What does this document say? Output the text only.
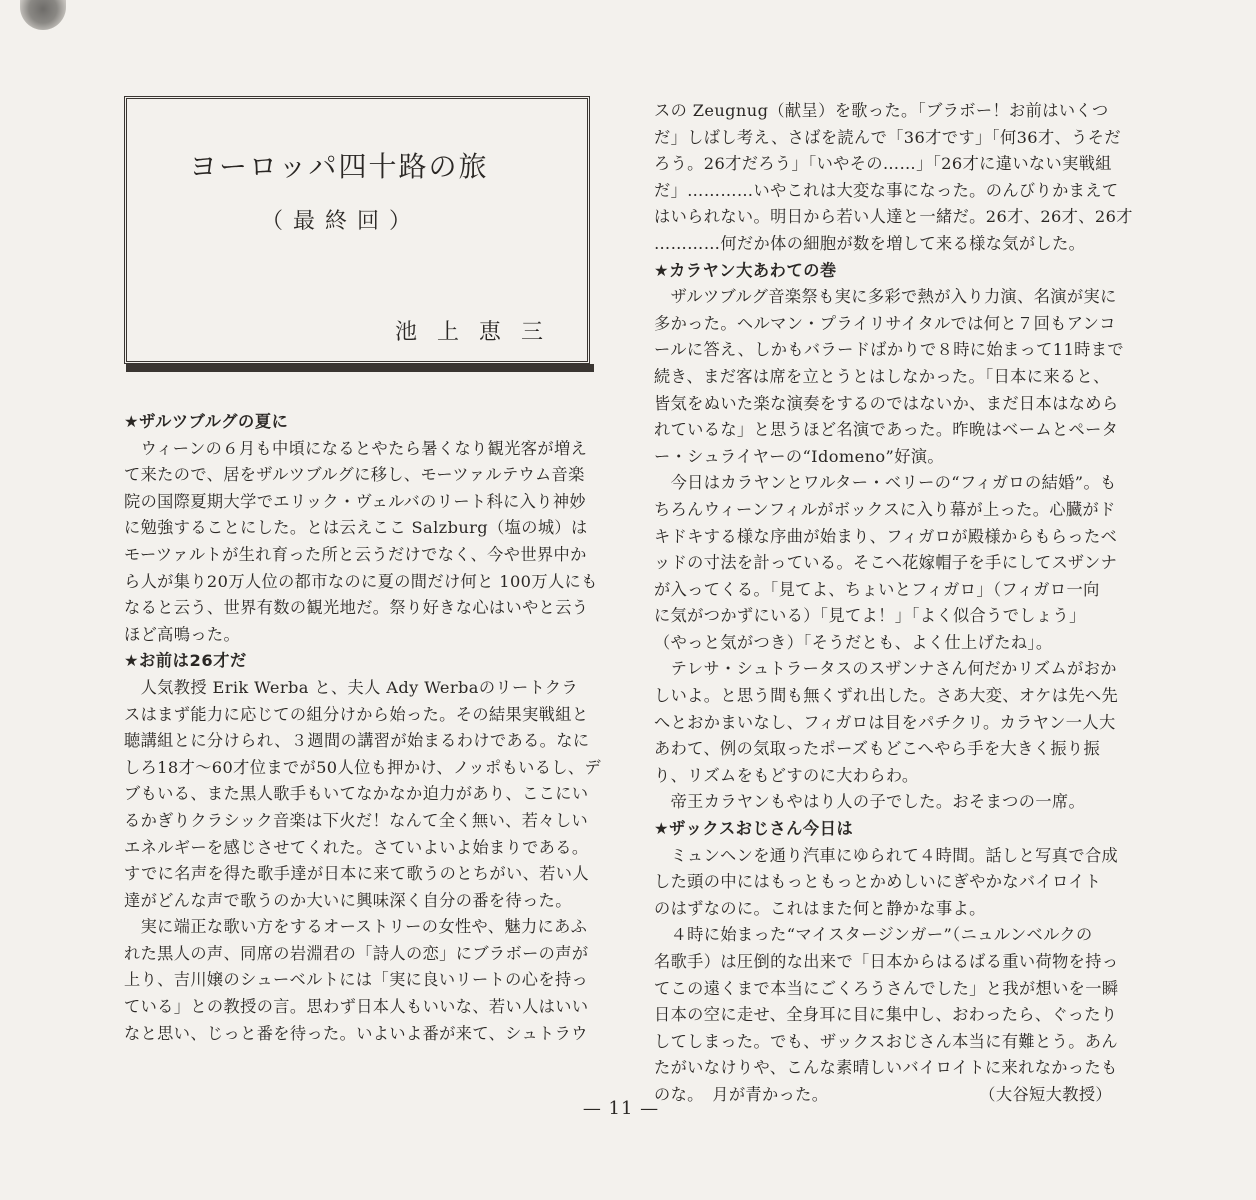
ヨーロッパ四十路の旅
（最終回）
池上恵三
★ザルツブルグの夏に
　ウィーンの６月も中頃になるとやたら暑くなり観光客が増え
て来たので、居をザルツブルグに移し、モーツァルテウム音楽
院の国際夏期大学でエリック・ヴェルバのリート科に入り神妙
に勉強することにした。とは云えここ Salzburg（塩の城）は
モーツァルトが生れ育った所と云うだけでなく、今や世界中か
ら人が集り20万人位の都市なのに夏の間だけ何と 100万人にも
なると云う、世界有数の観光地だ。祭り好きな心はいやと云う
ほど高鳴った。
★お前は26才だ
　人気教授 Erik Werba と、夫人 Ady Werbaのリートクラ
スはまず能力に応じての組分けから始った。その結果実戦組と
聴講組とに分けられ、３週間の講習が始まるわけである。なに
しろ18才～60才位までが50人位も押かけ、ノッポもいるし、デ
ブもいる、また黒人歌手もいてなかなか迫力があり、ここにい
るかぎりクラシック音楽は下火だ！なんて全く無い、若々しい
エネルギーを感じさせてくれた。さていよいよ始まりである。
すでに名声を得た歌手達が日本に来て歌うのとちがい、若い人
達がどんな声で歌うのか大いに興味深く自分の番を待った。
　実に端正な歌い方をするオーストリーの女性や、魅力にあふ
れた黒人の声、同席の岩淵君の「詩人の恋」にブラボーの声が
上り、吉川嬢のシューベルトには「実に良いリートの心を持っ
ている」との教授の言。思わず日本人もいいな、若い人はいい
なと思い、じっと番を待った。いよいよ番が来て、シュトラウ
スの Zeugnug（献呈）を歌った。「ブラボー！お前はいくつ
だ」しばし考え、さばを読んで「36才です」「何36才、うそだ
ろう。26才だろう」「いやその……」「26才に違いない実戦組
だ」…………いやこれは大変な事になった。のんびりかまえて
はいられない。明日から若い人達と一緒だ。26才、26才、26才
…………何だか体の細胞が数を増して来る様な気がした。
★カラヤン大あわての巻
　ザルツブルグ音楽祭も実に多彩で熱が入り力演、名演が実に
多かった。ヘルマン・プライリサイタルでは何と７回もアンコ
ールに答え、しかもバラードばかりで８時に始まって11時まで
続き、まだ客は席を立とうとはしなかった。「日本に来ると、
皆気をぬいた楽な演奏をするのではないか、まだ日本はなめら
れているな」と思うほど名演であった。昨晩はベームとペータ
ー・シュライヤーの“Idomeno”好演。
　今日はカラヤンとワルター・ベリーの“フィガロの結婚”。も
ちろんウィーンフィルがボックスに入り幕が上った。心臓がド
キドキする様な序曲が始まり、フィガロが殿様からもらったベ
ッドの寸法を計っている。そこへ花嫁帽子を手にしてスザンナ
が入ってくる。「見てよ、ちょいとフィガロ」（フィガロ一向
に気がつかずにいる）「見てよ！」「よく似合うでしょう」
（やっと気がつき）「そうだとも、よく仕上げたね」。
　テレサ・シュトラータスのスザンナさん何だかリズムがおか
しいよ。と思う間も無くずれ出した。さあ大変、オケは先へ先
へとおかまいなし、フィガロは目をパチクリ。カラヤン一人大
あわて、例の気取ったポーズもどこへやら手を大きく振り振
り、リズムをもどすのに大わらわ。
　帝王カラヤンもやはり人の子でした。おそまつの一席。
★ザックスおじさん今日は
　ミュンヘンを通り汽車にゆられて４時間。話しと写真で合成
した頭の中にはもっともっとかめしいにぎやかなバイロイト
のはずなのに。これはまた何と静かな事よ。
　４時に始まった“マイスタージンガー”（ニュルンベルクの
名歌手）は圧倒的な出来で「日本からはるばる重い荷物を持っ
てこの遠くまで本当にごくろうさんでした」と我が想いを一瞬
日本の空に走せ、全身耳に目に集中し、おわったら、ぐったり
してしまった。でも、ザックスおじさん本当に有難とう。あん
たがいなけりや、こんな素晴しいバイロイトに来れなかったも
のな。　月が青かった。	（大谷短大教授）
— 11 —
